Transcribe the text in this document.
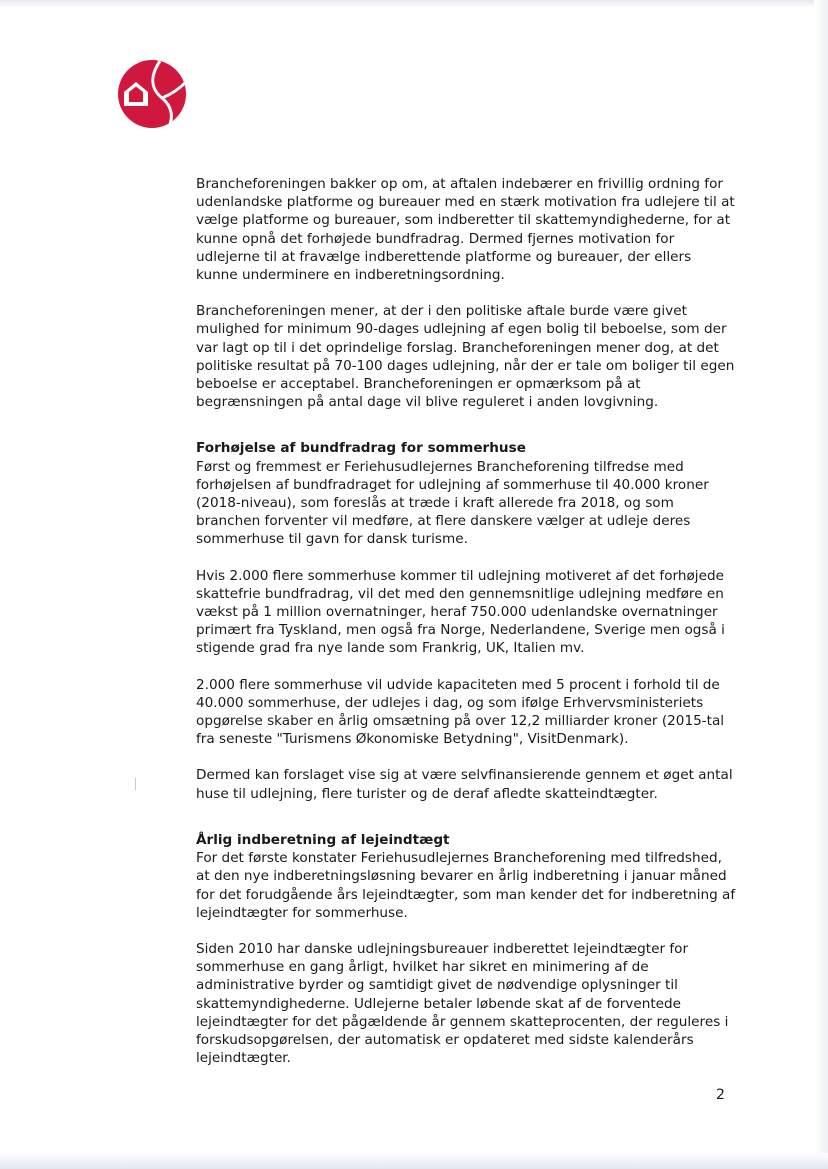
Brancheforeningen bakker op om, at aftalen indebærer en frivillig ordning for udenlandske platforme og bureauer med en stærk motivation fra udlejere til at vælge platforme og bureauer, som indberetter til skattemyndighederne, for at kunne opnå det forhøjede bundfradrag. Dermed fjernes motivation for udlejerne til at fravælge indberettende platforme og bureauer, der ellers kunne underminere en indberetningsordning.

Brancheforeningen mener, at der i den politiske aftale burde være givet mulighed for minimum 90-dages udlejning af egen bolig til beboelse, som der var lagt op til i det oprindelige forslag. Brancheforeningen mener dog, at det politiske resultat på 70-100 dages udlejning, når der er tale om boliger til egen beboelse er acceptabel. Brancheforeningen er opmærksom på at begrænsningen på antal dage vil blive reguleret i anden lovgivning.

Forhøjelse af bundfradrag for sommerhuse

Først og fremmest er Feriehusudlejernes Brancheforening tilfredse med forhøjelsen af bundfradraget for udlejning af sommerhuse til 40.000 kroner (2018-niveau), som foreslås at træde i kraft allerede fra 2018, og som branchen forventer vil medføre, at flere danskere vælger at udleje deres sommerhuse til gavn for dansk turisme.

Hvis 2.000 flere sommerhuse kommer til udlejning motiveret af det forhøjede skattefrie bundfradrag, vil det med den gennemsnitlige udlejning medføre en vækst på 1 million overnatninger, heraf 750.000 udenlandske overnatninger primært fra Tyskland, men også fra Norge, Nederlandene, Sverige men også i stigende grad fra nye lande som Frankrig, UK, Italien mv.

2.000 flere sommerhuse vil udvide kapaciteten med 5 procent i forhold til de 40.000 sommerhuse, der udlejes i dag, og som ifølge Erhvervsministeriets opgørelse skaber en årlig omsætning på over 12,2 milliarder kroner (2015-tal fra seneste "Turismens Økonomiske Betydning", VisitDenmark).

Dermed kan forslaget vise sig at være selvfinansierende gennem et øget antal huse til udlejning, flere turister og de deraf afledte skatteindtægter.

Årlig indberetning af lejeindtægt

For det første konstater Feriehusudlejernes Brancheforening med tilfredshed, at den nye indberetningsløsning bevarer en årlig indberetning i januar måned for det forudgående års lejeindtægter, som man kender det for indberetning af lejeindtægter for sommerhuse.

Siden 2010 har danske udlejningsbureauer indberettet lejeindtægter for sommerhuse en gang årligt, hvilket har sikret en minimering af de administrative byrder og samtidigt givet de nødvendige oplysninger til skattemyndighederne. Udlejerne betaler løbende skat af de forventede lejeindtægter for det pågældende år gennem skatteprocenten, der reguleres i forskudsopgørelsen, der automatisk er opdateret med sidste kalenderårs lejeindtægter.

2
